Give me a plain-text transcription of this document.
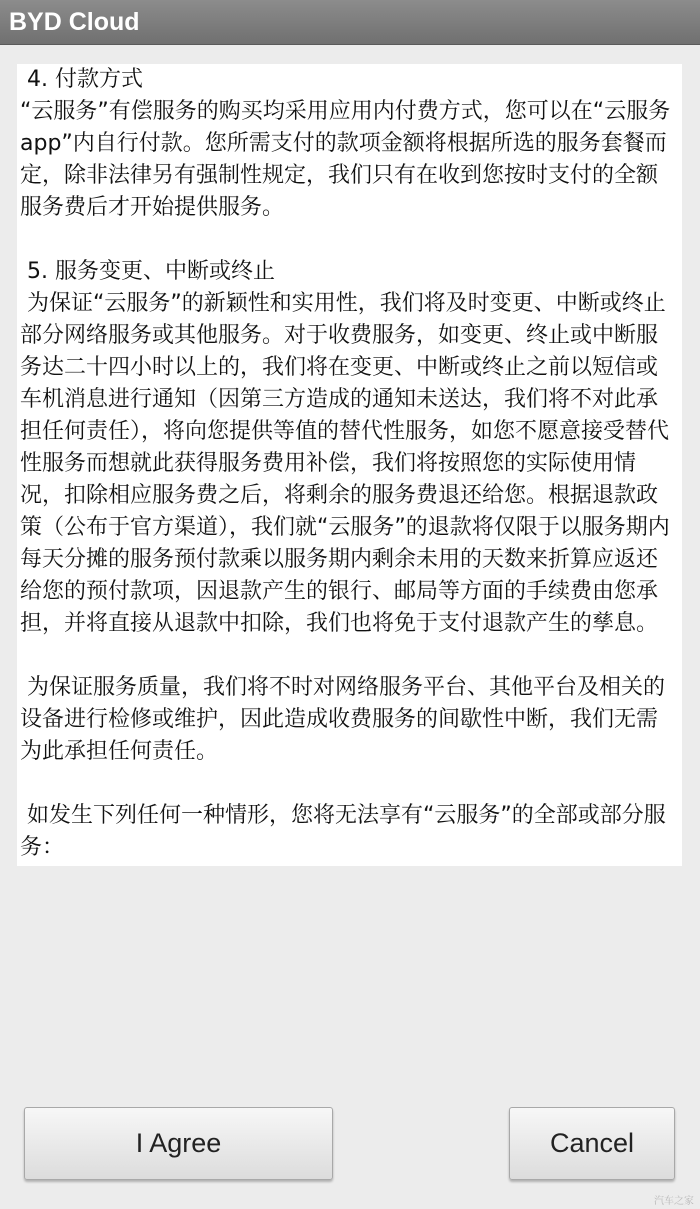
BYD Cloud

4. 付款方式

“云服务”有偿服务的购买均采用应用内付费方式，您可以在“云服务app”内自行付款。您所需支付的款项金额将根据所选的服务套餐而定，除非法律另有强制性规定，我们只有在收到您按时支付的全额服务费后才开始提供服务。

5. 服务变更、中断或终止

为保证“云服务”的新颖性和实用性，我们将及时变更、中断或终止部分网络服务或其他服务。对于收费服务，如变更、终止或中断服务达二十四小时以上的，我们将在变更、中断或终止之前以短信或车机消息进行通知（因第三方造成的通知未送达，我们将不对此承担任何责任），将向您提供等值的替代性服务，如您不愿意接受替代性服务而想就此获得服务费用补偿，我们将按照您的实际使用情况，扣除相应服务费之后，将剩余的服务费退还给您。根据退款政策（公布于官方渠道），我们就“云服务”的退款将仅限于以服务期内每天分摊的服务预付款乘以服务期内剩余未用的天数来折算应返还给您的预付款项，因退款产生的银行、邮局等方面的手续费由您承担，并将直接从退款中扣除，我们也将免于支付退款产生的孳息。

为保证服务质量，我们将不时对网络服务平台、其他平台及相关的设备进行检修或维护，因此造成收费服务的间歇性中断，我们无需为此承担任何责任。

如发生下列任何一种情形，您将无法享有“云服务”的全部或部分服务：

I Agree	Cancel
汽车之家
